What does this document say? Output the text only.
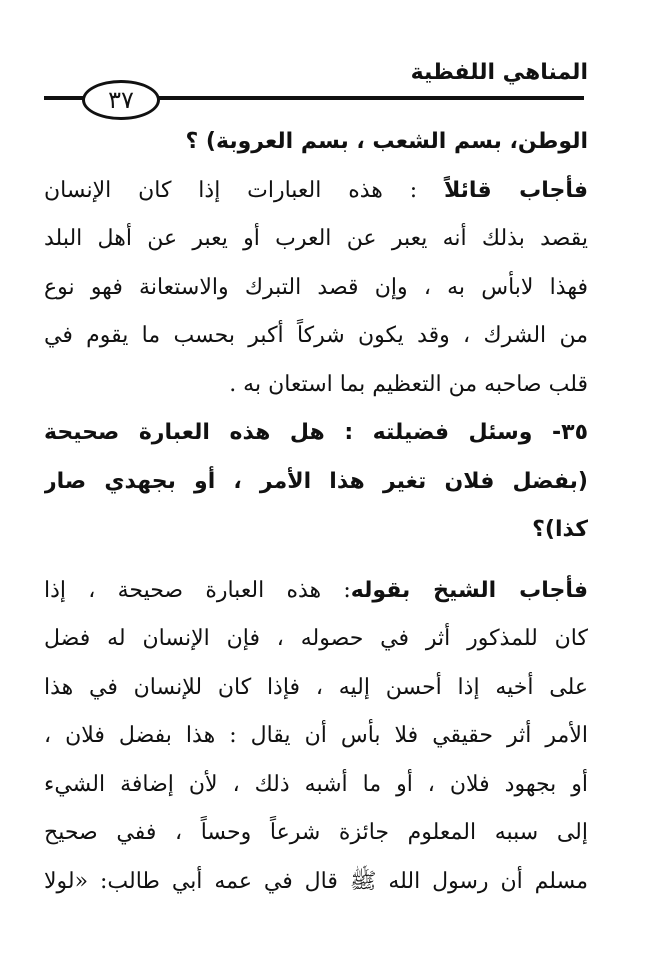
المناهي اللفظية
٣٧
الوطن، بسم الشعب ، بسم العروبة) ؟
فأجاب قائلاً : هذه العبارات إذا كان الإنسان
يقصد بذلك أنه يعبر عن العرب أو يعبر عن أهل البلد
فهذا لابأس به ، وإن قصد التبرك والاستعانة فهو نوع
من الشرك ، وقد يكون شركاً أكبر بحسب ما يقوم في
قلب صاحبه من التعظيم بما استعان به .
٣٥- وسئل فضيلته : هل هذه العبارة صحيحة
(بفضل فلان تغير هذا الأمر ، أو بجهدي صار
كذا)؟
فأجاب الشيخ بقوله: هذه العبارة صحيحة ، إذا
كان للمذكور أثر في حصوله ، فإن الإنسان له فضل
على أخيه إذا أحسن إليه ، فإذا كان للإنسان في هذا
الأمر أثر حقيقي فلا بأس أن يقال : هذا بفضل فلان ،
أو بجهود فلان ، أو ما أشبه ذلك ، لأن إضافة الشيء
إلى سببه المعلوم جائزة شرعاً وحساً ، ففي صحيح
مسلم أن رسول الله ﷺ قال في عمه أبي طالب: «لولا
